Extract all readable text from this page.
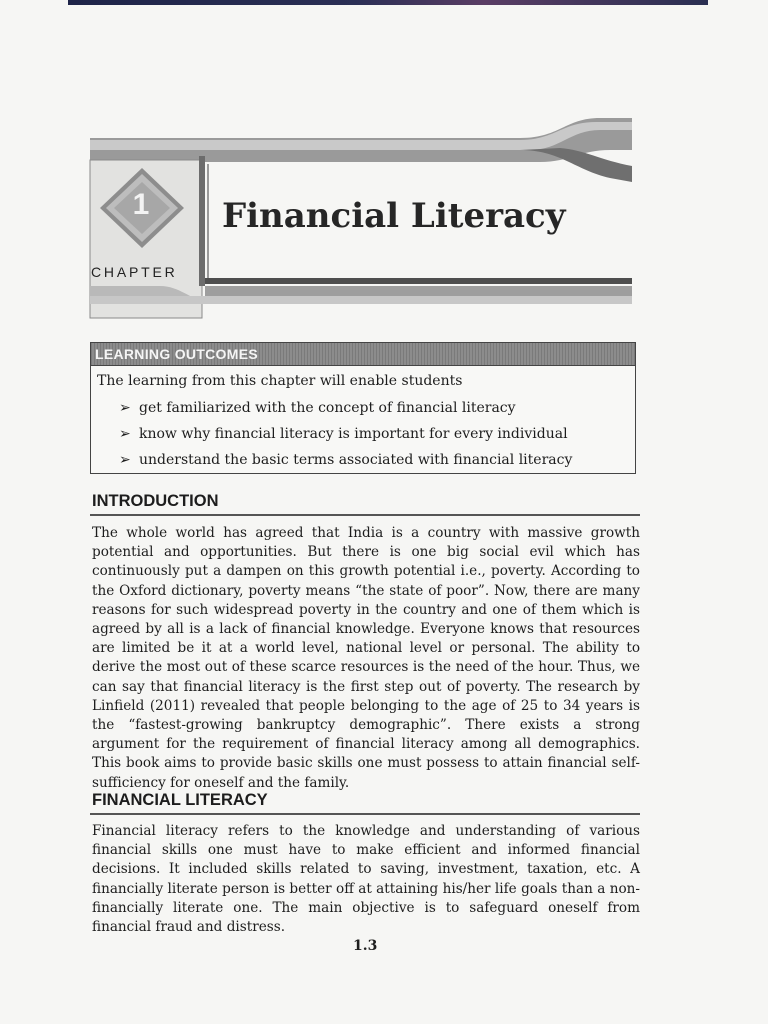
1
CHAPTER
Financial Literacy
LEARNING OUTCOMES
The learning from this chapter will enable students
➢ get familiarized with the concept of financial literacy
➢ know why financial literacy is important for every individual
➢ understand the basic terms associated with financial literacy
INTRODUCTION

The whole world has agreed that India is a country with massive growth potential and opportunities. But there is one big social evil which has continuously put a dampen on this growth potential i.e., poverty. According to the Oxford dictionary, poverty means “the state of poor”. Now, there are many reasons for such widespread poverty in the country and one of them which is agreed by all is a lack of financial knowledge. Everyone knows that resources are limited be it at a world level, national level or personal. The ability to derive the most out of these scarce resources is the need of the hour. Thus, we can say that financial literacy is the first step out of poverty. The research by Linfield (2011) revealed that people belonging to the age of 25 to 34 years is the “fastest-growing bankruptcy demographic”. There exists a strong argument for the requirement of financial literacy among all demographics. This book aims to provide basic skills one must possess to attain financial self-sufficiency for oneself and the family.

FINANCIAL LITERACY

Financial literacy refers to the knowledge and understanding of various financial skills one must have to make efficient and informed financial decisions. It included skills related to saving, investment, taxation, etc. A financially literate person is better off at attaining his/her life goals than a non-financially literate one. The main objective is to safeguard oneself from financial fraud and distress.

1.3
